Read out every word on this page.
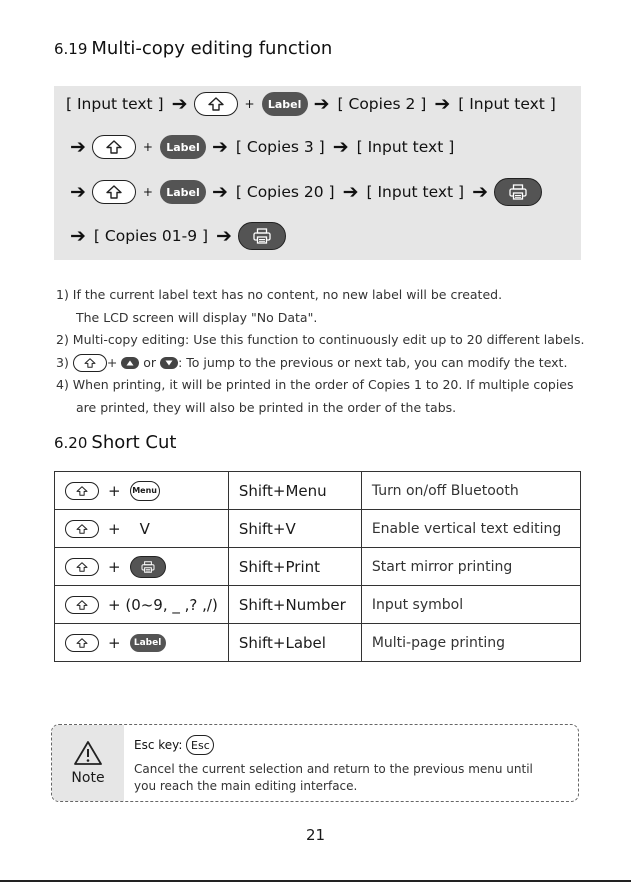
6.19 Multi-copy editing function
[ Input text ] ➔	+	Label ➔ [ Copies 2 ] ➔ [ Input text ]
➔	+	Label ➔ [ Copies 3 ] ➔ [ Input text ]
➔	+	Label ➔ [ Copies 20 ] ➔ [ Input text ] ➔
➔ [ Copies 01-9 ] ➔
1) If the current label text has no content, no new label will be created.
The LCD screen will display "No Data".
2) Multi-copy editing: Use this function to continuously edit up to 20 different labels.
3)
	+

or
: To jump to the previous or next tab, you can modify the text.
4) When printing, it will be printed in the order of Copies 1 to 20. If multiple copies
are printed, they will also be printed in the order of the tabs.
6.20 Short Cut
+ Menu	Shift+Menu	Turn on/off Bluetooth

+ V	Shift+V	Enable vertical text editing

+	Shift+Print	Start mirror printing

+ (0~9, _ ,? ,/)	Shift+Number	Input symbol

+ Label	Shift+Label	Multi-page printing
Note
Esc key: Esc
Cancel the current selection and return to the previous menu until
you reach the main editing interface.
21
